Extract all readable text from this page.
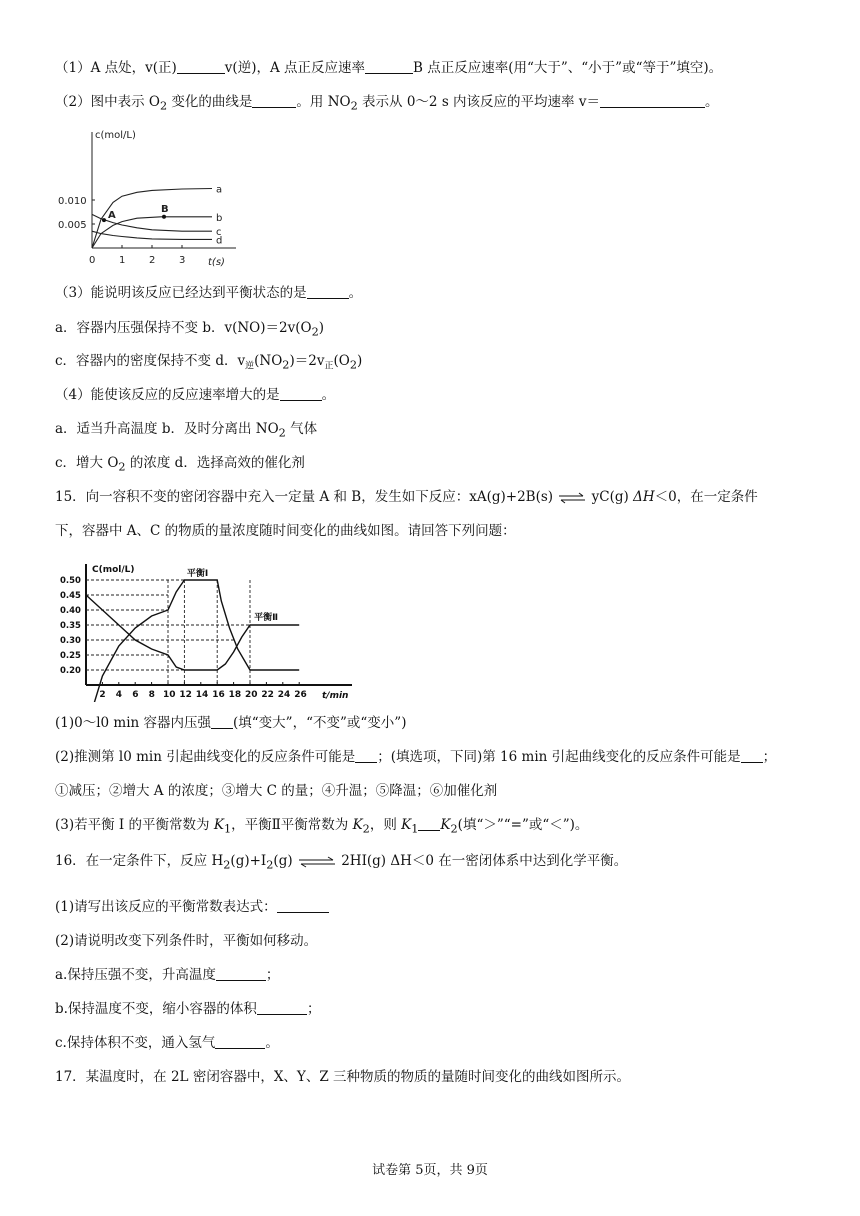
（1）A 点处，v(正)	v(逆)，A 点正反应速率	B 点正反应速率(用“大于”、“小于”或“等于”填空)。
（2）图中表示 $O_2$ 变化的曲线是	。用 $NO_2$ 表示从 0～2 s 内该反应的平均速率 v＝	。
c(mol/L)
t(s)
0 1 2 3
0.005
0.010
a
b
c
d
A
B
（3）能说明该反应已经达到平衡状态的是	。
a．容器内压强保持不变 b．$v(NO)=2v(O_2)$
c．容器内的密度保持不变 d．$v_逆(NO_2)=2v_正(O_2)$
（4）能使该反应的反应速率增大的是	。
a．适当升高温度 b．及时分离出 $NO_2$ 气体
c．增大 $O_2$ 的浓度 d．选择高效的催化剂
15．向一容积不变的密闭容器中充入一定量 A 和 B，发生如下反应：xA(g)+2B(s) ⇌ yC(g) ΔH＜0，在一定条件
下，容器中 A、C 的物质的量浓度随时间变化的曲线如图。请回答下列问题：
C(mol/L)
t/min
2 4 6 8 10 12 14 16 18 20 22 24 26
0.50
0.45
0.40
0.35
0.30
0.25
0.20
平衡Ⅰ
平衡Ⅱ
(1)0～l0 min 容器内压强 (填“变大”，“不变”或“变小”)
(2)推测第 l0 min 引起曲线变化的反应条件可能是 ；(填选项，下同)第 16 min 引起曲线变化的反应条件可能是 ；
①减压；②增大 A 的浓度；③增大 C 的量；④升温；⑤降温；⑥加催化剂
(3)若平衡 I 的平衡常数为 $K_1$，平衡Ⅱ平衡常数为 $K_2$，则 $K_1$ $K_2$(填“＞”“=”或“＜”)。
16．在一定条件下，反应 $H_2(g)+I_2(g)$ ⇌ 2HI(g) ΔH＜0 在一密闭体系中达到化学平衡。
(1)请写出该反应的平衡常数表达式：
(2)请说明改变下列条件时，平衡如何移动。
a.保持压强不变，升高温度	；
b.保持温度不变，缩小容器的体积	；
c.保持体积不变，通入氢气	。
17．某温度时，在 2L 密闭容器中，X、Y、Z 三种物质的物质的量随时间变化的曲线如图所示。
试卷第 5页，共 9页
